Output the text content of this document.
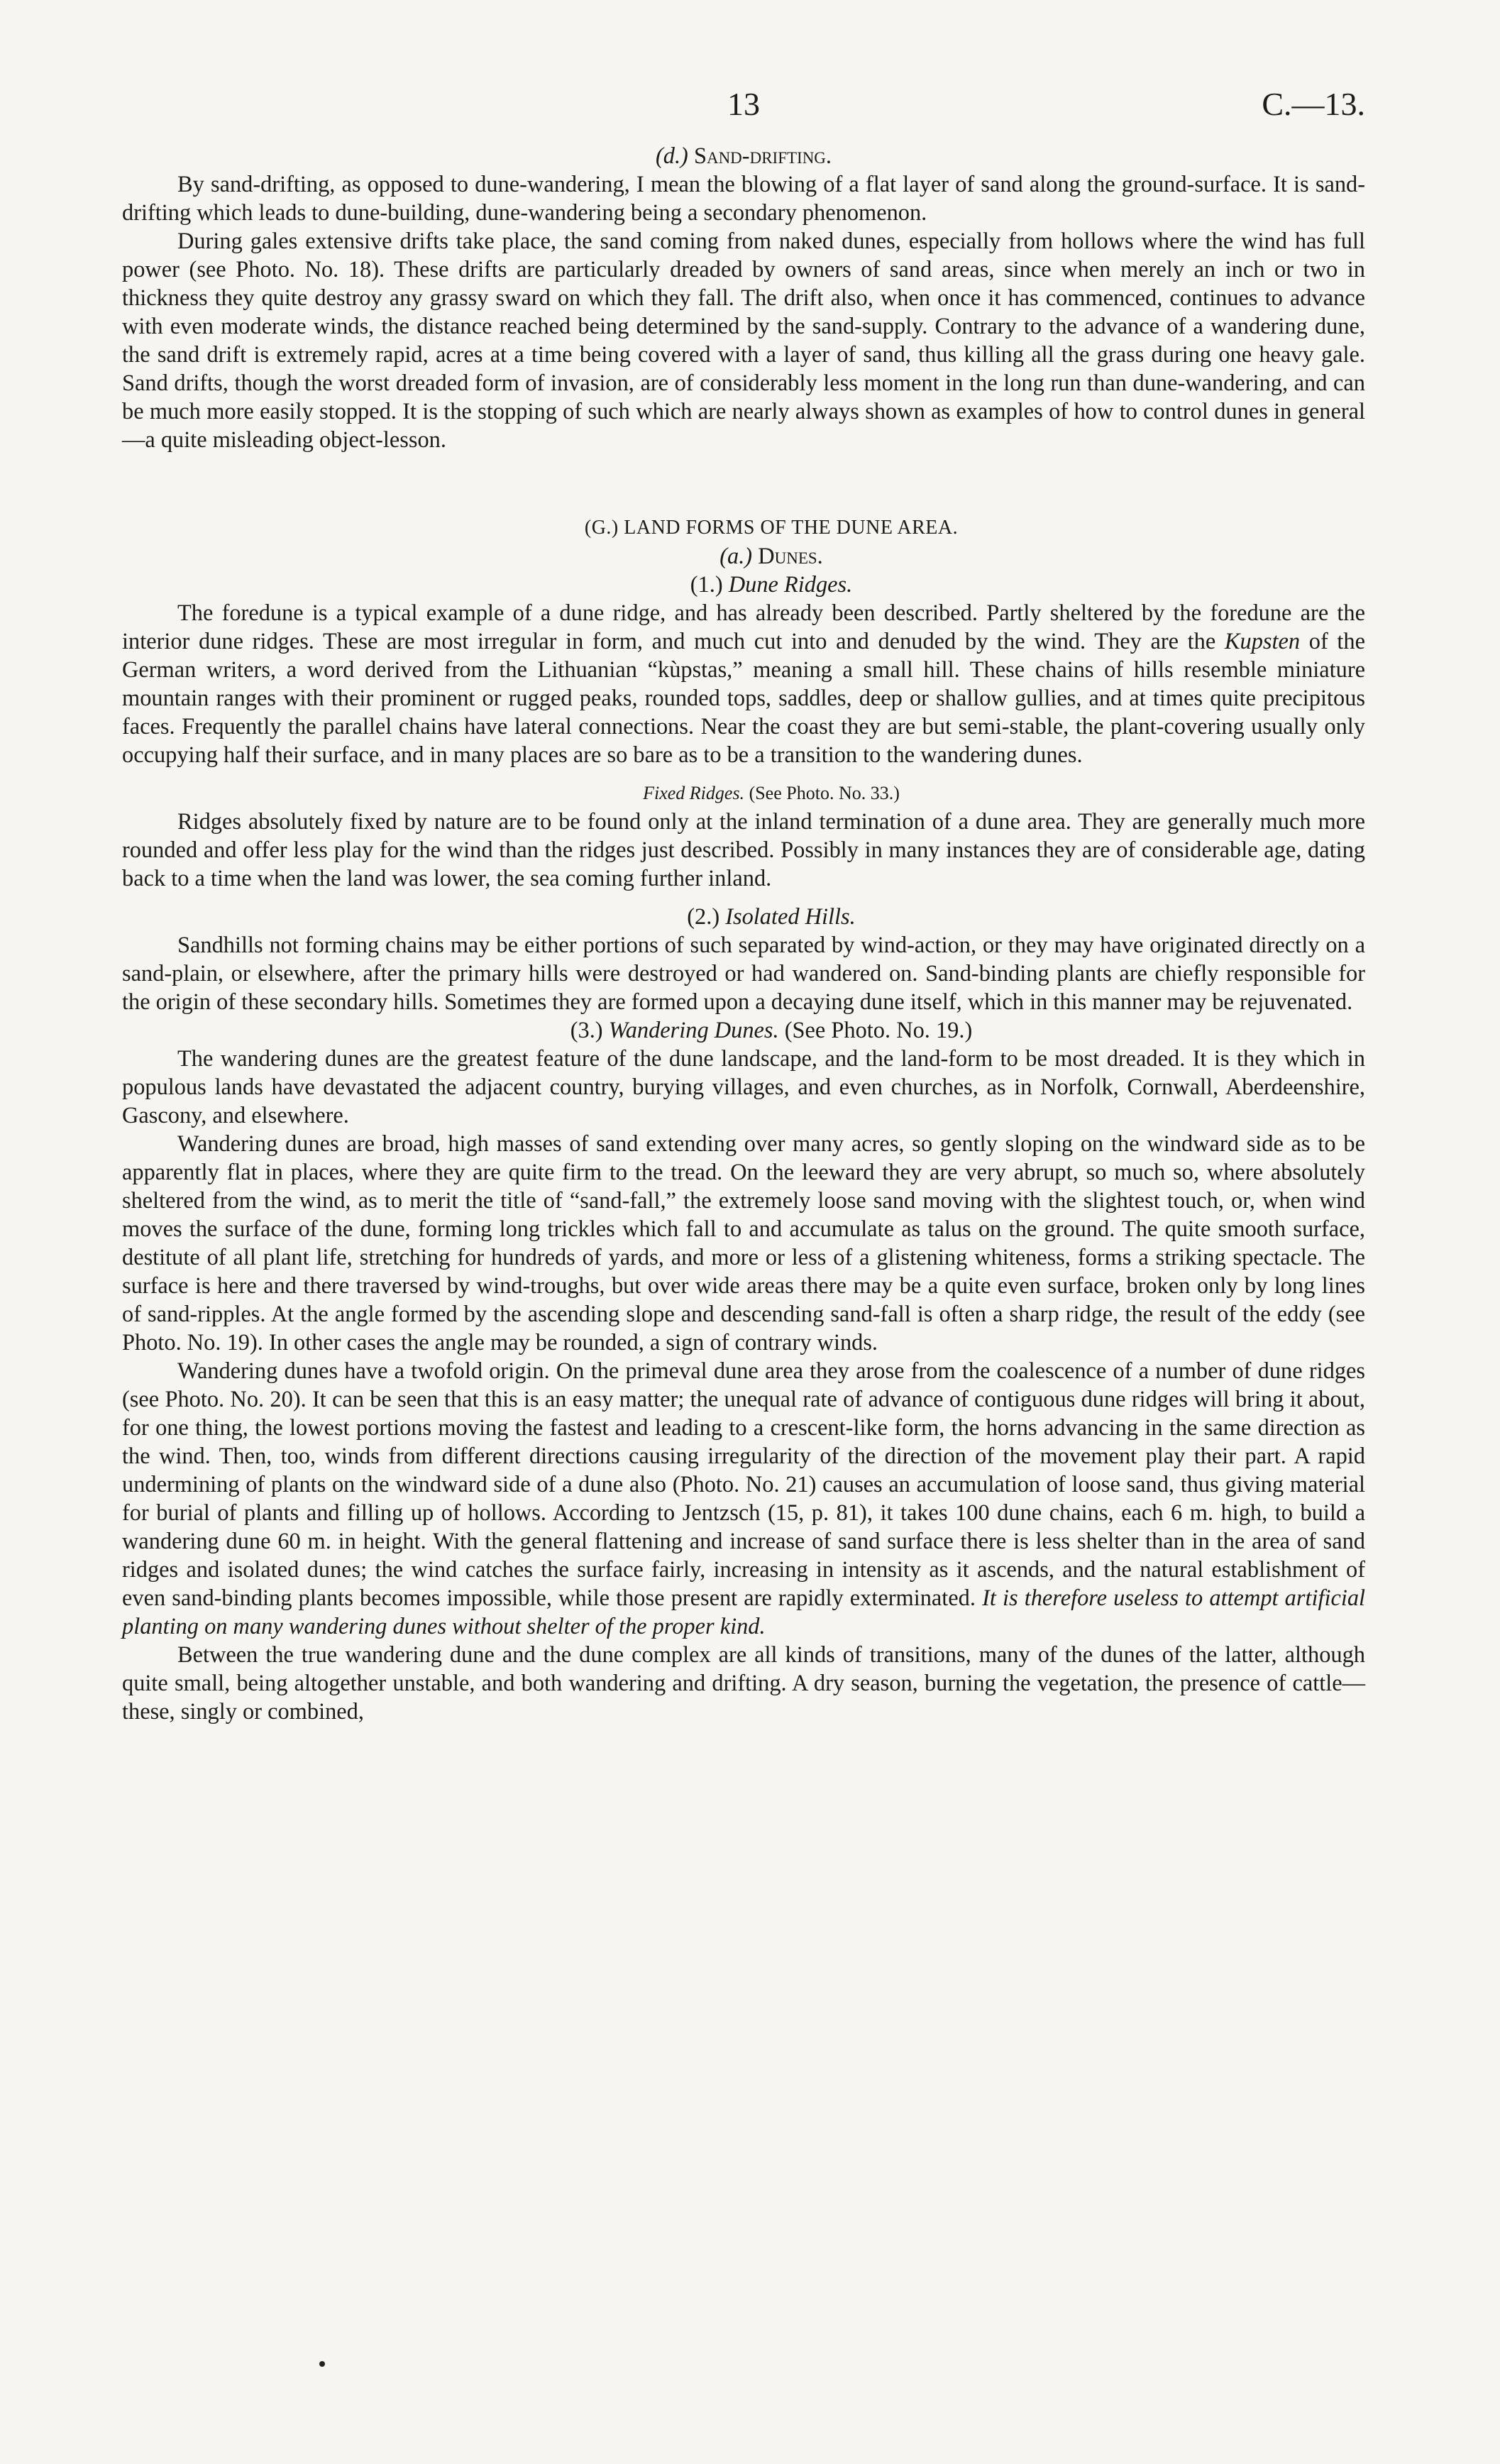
13	C.—13.

(d.) Sand-drifting.

By sand-drifting, as opposed to dune-wandering, I mean the blowing of a flat layer of sand along the ground-surface. It is sand-drifting which leads to dune-building, dune-wandering being a secondary phenomenon.

During gales extensive drifts take place, the sand coming from naked dunes, especially from hollows where the wind has full power (see Photo. No. 18). These drifts are particularly dreaded by owners of sand areas, since when merely an inch or two in thickness they quite destroy any grassy sward on which they fall. The drift also, when once it has commenced, continues to advance with even moderate winds, the distance reached being determined by the sand-supply. Contrary to the advance of a wandering dune, the sand drift is extremely rapid, acres at a time being covered with a layer of sand, thus killing all the grass during one heavy gale. Sand drifts, though the worst dreaded form of invasion, are of considerably less moment in the long run than dune-wandering, and can be much more easily stopped. It is the stopping of such which are nearly always shown as examples of how to control dunes in general—a quite misleading object-lesson.

(G.) LAND FORMS OF THE DUNE AREA.

(a.) Dunes.

(1.) Dune Ridges.

The foredune is a typical example of a dune ridge, and has already been described. Partly sheltered by the foredune are the interior dune ridges. These are most irregular in form, and much cut into and denuded by the wind. They are the Kupsten of the German writers, a word derived from the Lithuanian “kùpstas,” meaning a small hill. These chains of hills resemble miniature mountain ranges with their prominent or rugged peaks, rounded tops, saddles, deep or shallow gullies, and at times quite precipitous faces. Frequently the parallel chains have lateral connections. Near the coast they are but semi-stable, the plant-covering usually only occupying half their surface, and in many places are so bare as to be a transition to the wandering dunes.

Fixed Ridges. (See Photo. No. 33.)

Ridges absolutely fixed by nature are to be found only at the inland termination of a dune area. They are generally much more rounded and offer less play for the wind than the ridges just described. Possibly in many instances they are of considerable age, dating back to a time when the land was lower, the sea coming further inland.

(2.) Isolated Hills.

Sandhills not forming chains may be either portions of such separated by wind-action, or they may have originated directly on a sand-plain, or elsewhere, after the primary hills were destroyed or had wandered on. Sand-binding plants are chiefly responsible for the origin of these secondary hills. Sometimes they are formed upon a decaying dune itself, which in this manner may be rejuvenated.

(3.) Wandering Dunes. (See Photo. No. 19.)

The wandering dunes are the greatest feature of the dune landscape, and the land-form to be most dreaded. It is they which in populous lands have devastated the adjacent country, burying villages, and even churches, as in Norfolk, Cornwall, Aberdeenshire, Gascony, and elsewhere.

Wandering dunes are broad, high masses of sand extending over many acres, so gently sloping on the windward side as to be apparently flat in places, where they are quite firm to the tread. On the leeward they are very abrupt, so much so, where absolutely sheltered from the wind, as to merit the title of “sand-fall,” the extremely loose sand moving with the slightest touch, or, when wind moves the surface of the dune, forming long trickles which fall to and accumulate as talus on the ground. The quite smooth surface, destitute of all plant life, stretching for hundreds of yards, and more or less of a glistening whiteness, forms a striking spectacle. The surface is here and there traversed by wind-troughs, but over wide areas there may be a quite even surface, broken only by long lines of sand-ripples. At the angle formed by the ascending slope and descending sand-fall is often a sharp ridge, the result of the eddy (see Photo. No. 19). In other cases the angle may be rounded, a sign of contrary winds.

Wandering dunes have a twofold origin. On the primeval dune area they arose from the coalescence of a number of dune ridges (see Photo. No. 20). It can be seen that this is an easy matter; the unequal rate of advance of contiguous dune ridges will bring it about, for one thing, the lowest portions moving the fastest and leading to a crescent-like form, the horns advancing in the same direction as the wind. Then, too, winds from different directions causing irregularity of the direction of the movement play their part. A rapid undermining of plants on the windward side of a dune also (Photo. No. 21) causes an accumulation of loose sand, thus giving material for burial of plants and filling up of hollows. According to Jentzsch (15, p. 81), it takes 100 dune chains, each 6 m. high, to build a wandering dune 60 m. in height. With the general flattening and increase of sand surface there is less shelter than in the area of sand ridges and isolated dunes; the wind catches the surface fairly, increasing in intensity as it ascends, and the natural establishment of even sand-binding plants becomes impossible, while those present are rapidly exterminated. It is therefore useless to attempt artificial planting on many wandering dunes without shelter of the proper kind.

Between the true wandering dune and the dune complex are all kinds of transitions, many of the dunes of the latter, although quite small, being altogether unstable, and both wandering and drifting. A dry season, burning the vegetation, the presence of cattle—these, singly or combined,
